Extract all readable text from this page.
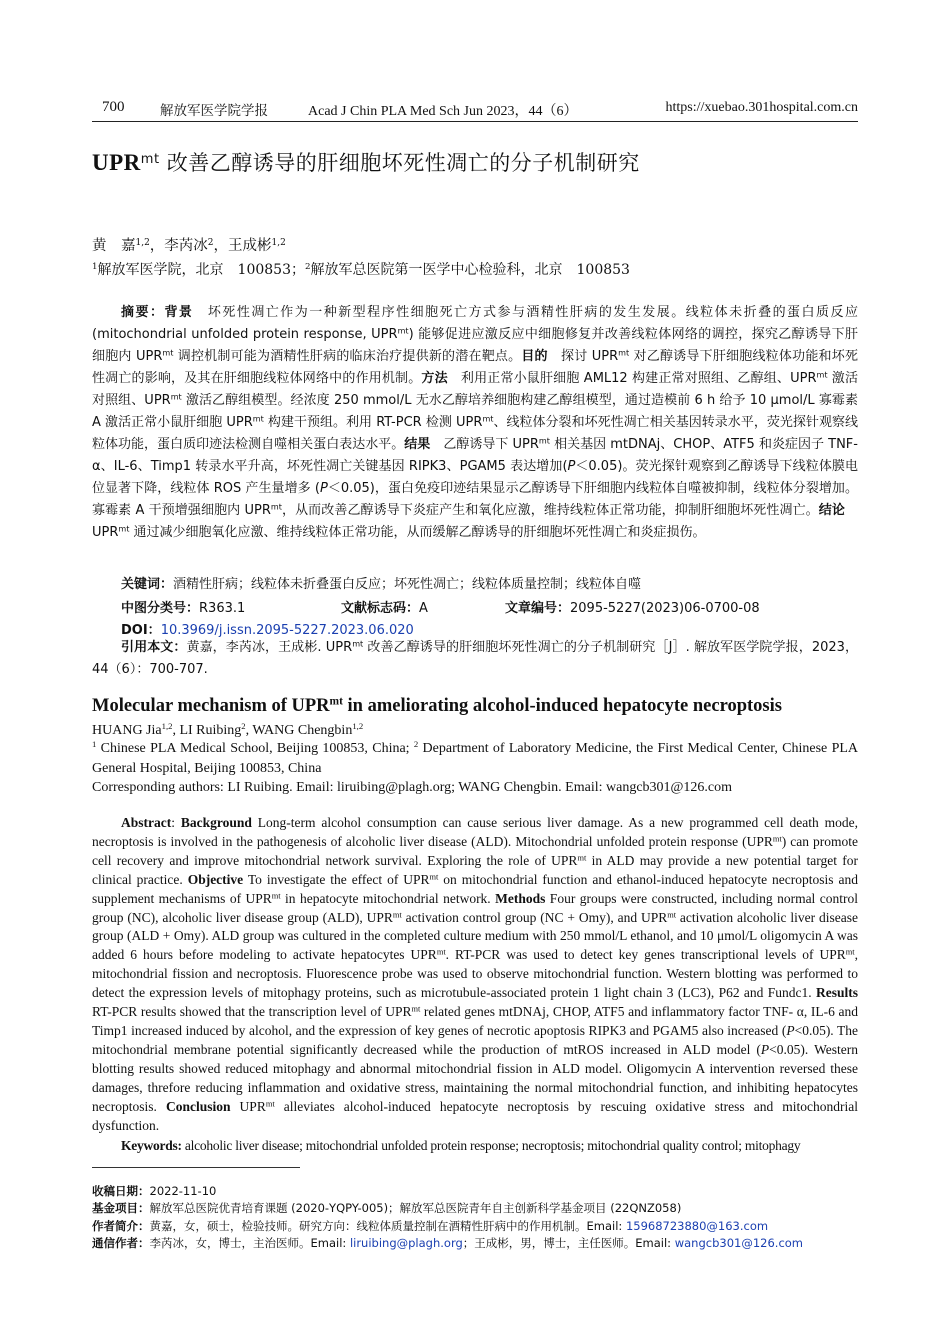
700	解放军医学院学报	Acad J Chin PLA Med Sch Jun 2023，44（6）	https://xuebao.301hospital.com.cn
$UPR^{mt}$ 改善乙醇诱导的肝细胞坏死性凋亡的分子机制研究
黄　嘉$^{1,2}$，李芮冰$^2$，王成彬$^{1,2}$
$^1$解放军医学院，北京　100853；$^2$解放军总医院第一医学中心检验科，北京　100853

摘要：背景　坏死性凋亡作为一种新型程序性细胞死亡方式参与酒精性肝病的发生发展。线粒体未折叠的蛋白质反应(mitochondrial unfolded protein response, $UPR^{mt}$) 能够促进应激反应中细胞修复并改善线粒体网络的调控，探究乙醇诱导下肝细胞内 $UPR^{mt}$ 调控机制可能为酒精性肝病的临床治疗提供新的潜在靶点。目的　探讨 $UPR^{mt}$ 对乙醇诱导下肝细胞线粒体功能和坏死性凋亡的影响，及其在肝细胞线粒体网络中的作用机制。方法　利用正常小鼠肝细胞 AML12 构建正常对照组、乙醇组、$UPR^{mt}$ 激活对照组、$UPR^{mt}$ 激活乙醇组模型。经浓度 250 mmol/L 无水乙醇培养细胞构建乙醇组模型，通过造模前 6 h 给予 10 μmol/L 寡霉素 A 激活正常小鼠肝细胞 $UPR^{mt}$ 构建干预组。利用 RT-PCR 检测 $UPR^{mt}$、线粒体分裂和坏死性凋亡相关基因转录水平，荧光探针观察线粒体功能，蛋白质印迹法检测自噬相关蛋白表达水平。结果　乙醇诱导下 $UPR^{mt}$ 相关基因 mtDNAj、CHOP、ATF5 和炎症因子 TNF-α、IL-6、Timp1 转录水平升高，坏死性凋亡关键基因 RIPK3、PGAM5 表达增加(P＜0.05)。荧光探针观察到乙醇诱导下线粒体膜电位显著下降，线粒体 ROS 产生量增多 (P＜0.05)，蛋白免疫印迹结果显示乙醇诱导下肝细胞内线粒体自噬被抑制，线粒体分裂增加。寡霉素 A 干预增强细胞内 $UPR^{mt}$，从而改善乙醇诱导下炎症产生和氧化应激，维持线粒体正常功能，抑制肝细胞坏死性凋亡。结论　$UPR^{mt}$ 通过减少细胞氧化应激、维持线粒体正常功能，从而缓解乙醇诱导的肝细胞坏死性凋亡和炎症损伤。

关键词：酒精性肝病；线粒体未折叠蛋白反应；坏死性凋亡；线粒体质量控制；线粒体自噬
中图分类号：R363.1	文献标志码：A	文章编号：2095-5227(2023)06-0700-08
DOI：10.3969/j.issn.2095-5227.2023.06.020
引用本文：黄嘉，李芮冰，王成彬. $UPR^{mt}$ 改善乙醇诱导的肝细胞坏死性凋亡的分子机制研究［J］. 解放军医学院学报，2023，44（6）：700-707.
Molecular mechanism of $UPR^{mt}$ in ameliorating alcohol-induced hepatocyte necroptosis
HUANG Jia$^{1,2}$, LI Ruibing$^2$, WANG Chengbin$^{1,2}$
$^1$ Chinese PLA Medical School, Beijing 100853, China; $^2$ Department of Laboratory Medicine, the First Medical Center, Chinese PLA General Hospital, Beijing 100853, China
Corresponding authors: LI Ruibing. Email: liruibing@plagh.org; WANG Chengbin. Email: wangcb301@126.com

Abstract: Background Long-term alcohol consumption can cause serious liver damage. As a new programmed cell death mode, necroptosis is involved in the pathogenesis of alcoholic liver disease (ALD). Mitochondrial unfolded protein response $(UPR^{mt})$ can promote cell recovery and improve mitochondrial network survival. Exploring the role of $UPR^{mt}$ in ALD may provide a new potential target for clinical practice. Objective To investigate the effect of $UPR^{mt}$ on mitochondrial function and ethanol-induced hepatocyte necroptosis and supplement mechanisms of $UPR^{mt}$ in hepatocyte mitochondrial network. Methods Four groups were constructed, including normal control group (NC), alcoholic liver disease group (ALD), $UPR^{mt}$ activation control group (NC + Omy), and $UPR^{mt}$ activation alcoholic liver disease group (ALD + Omy). ALD group was cultured in the completed culture medium with 250 mmol/L ethanol, and 10 μmol/L oligomycin A was added 6 hours before modeling to activate hepatocytes $UPR^{mt}$. RT-PCR was used to detect key genes transcriptional levels of $UPR^{mt}$, mitochondrial fission and necroptosis. Fluorescence probe was used to observe mitochondrial function. Western blotting was performed to detect the expression levels of mitophagy proteins, such as microtubule-associated protein 1 light chain 3 (LC3), P62 and Fundc1. Results RT-PCR results showed that the transcription level of $UPR^{mt}$ related genes mtDNAj, CHOP, ATF5 and inflammatory factor TNF- α, IL-6 and Timp1 increased induced by alcohol, and the expression of key genes of necrotic apoptosis RIPK3 and PGAM5 also increased (P<0.05). The mitochondrial membrane potential significantly decreased while the production of mtROS increased in ALD model (P<0.05). Western blotting results showed reduced mitophagy and abnormal mitochondrial fission in ALD model. Oligomycin A intervention reversed these damages, threfore reducing inflammation and oxidative stress, maintaining the normal mitochondrial function, and inhibiting hepatocytes necroptosis. Conclusion $UPR^{mt}$ alleviates alcohol-induced hepatocyte necroptosis by rescuing oxidative stress and mitochondrial dysfunction.

Keywords: alcoholic liver disease; mitochondrial unfolded protein response; necroptosis; mitochondrial quality control; mitophagy
收稿日期：2022-11-10
基金项目：解放军总医院优青培育课题 (2020-YQPY-005)；解放军总医院青年自主创新科学基金项目 (22QNZ058)
作者简介：黄嘉，女，硕士，检验技师。研究方向：线粒体质量控制在酒精性肝病中的作用机制。Email: 15968723880@163.com
通信作者：李芮冰，女，博士，主治医师。Email: liruibing@plagh.org；王成彬，男，博士，主任医师。Email: wangcb301@126.com
